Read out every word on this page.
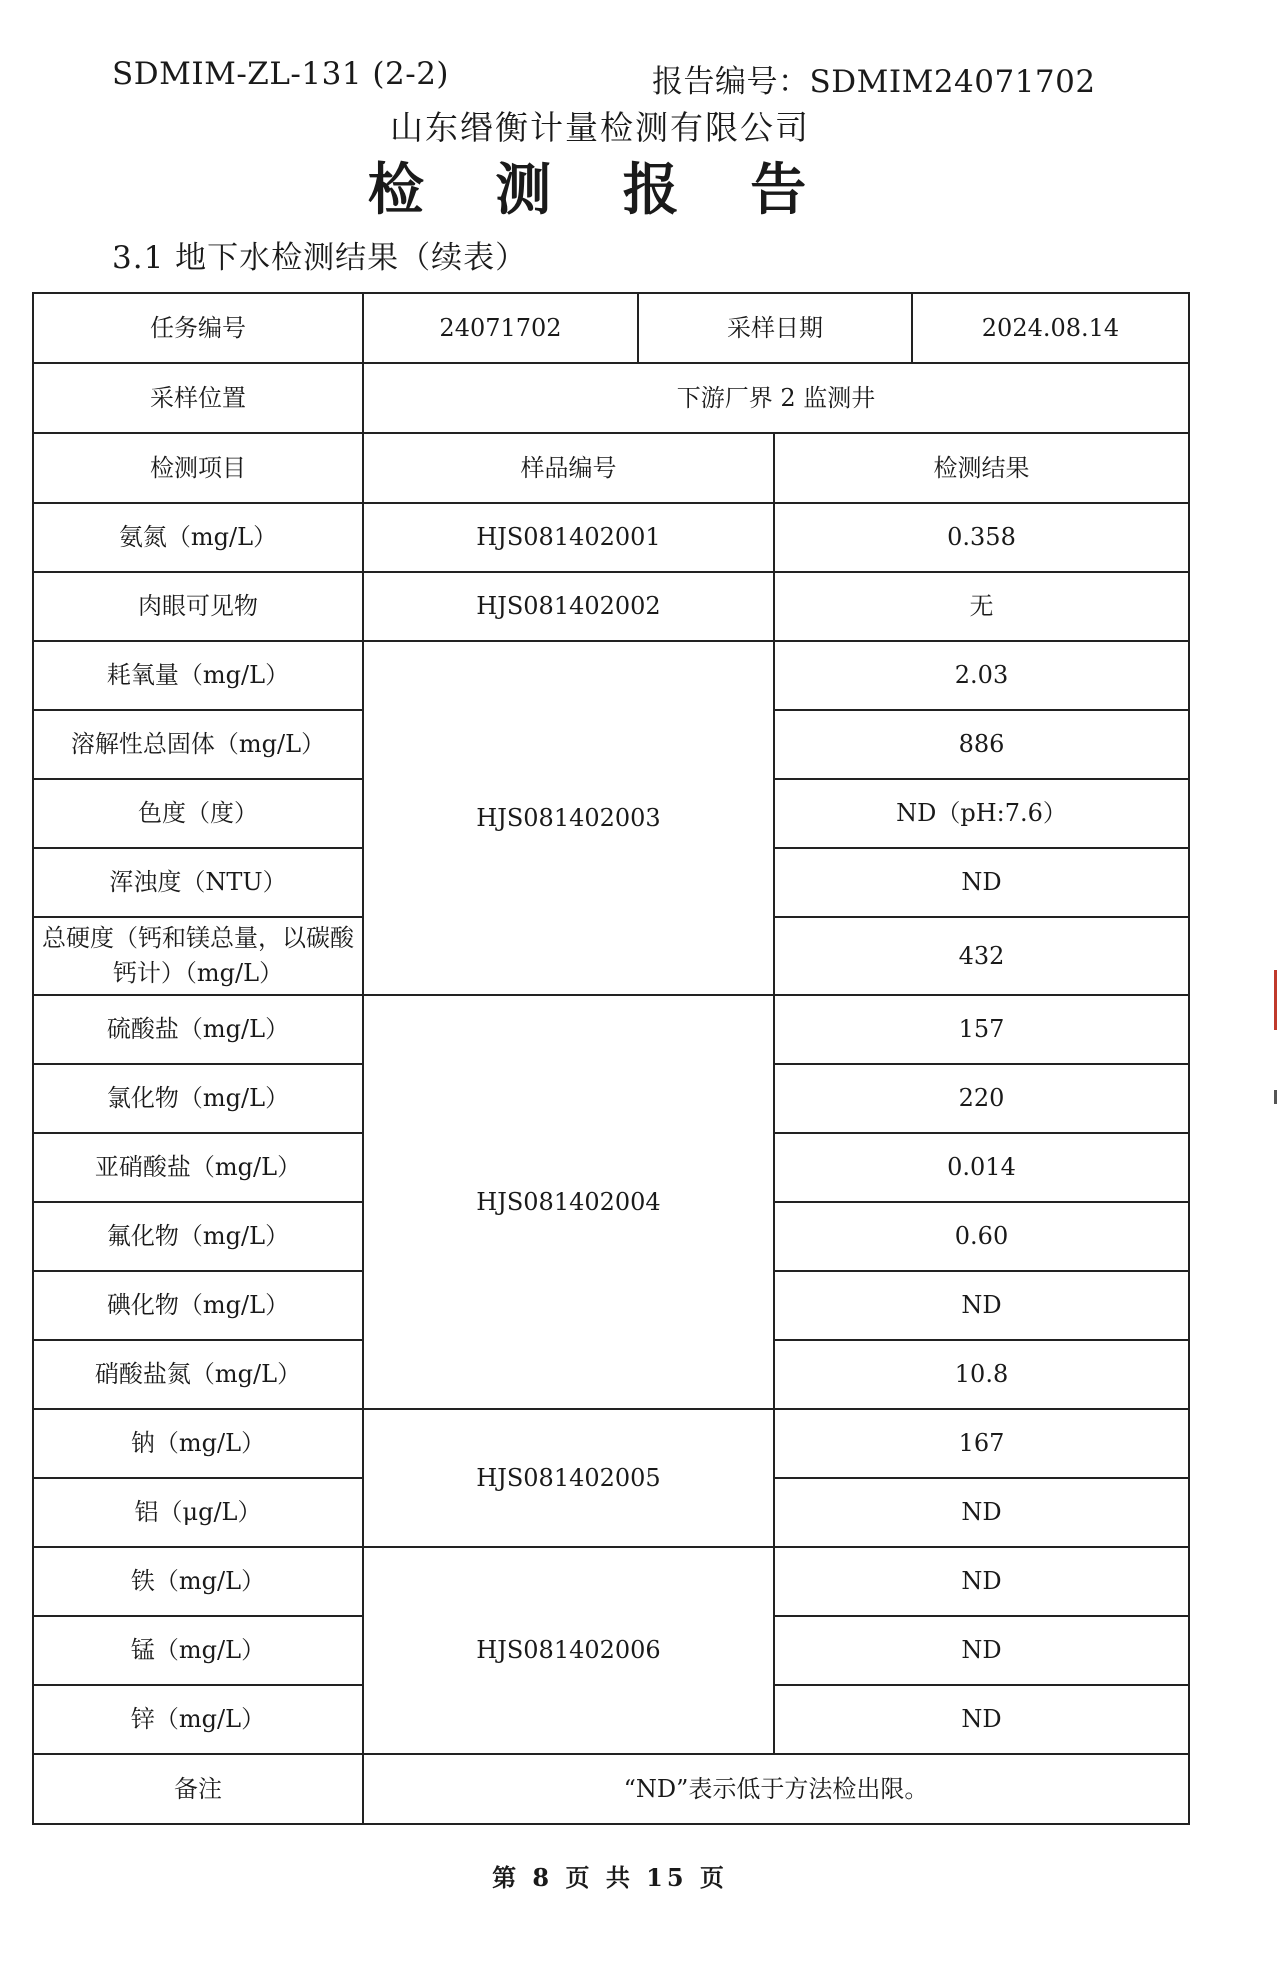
SDMIM-ZL-131 (2-2)	报告编号：SDMIM24071702
山东缗衡计量检测有限公司
检 测 报 告
3.1 地下水检测结果（续表）
任务编号	24071702	采样日期		2024.08.14
采样位置	下游厂界 2 监测井			
检测项目	样品编号		检测结果	
氨氮（mg/L）	HJS081402001		0.358	
肉眼可见物	HJS081402002		无	
耗氧量（mg/L）	HJS081402003		2.03	
溶解性总固体（mg/L）			886	
色度（度）			ND（pH:7.6）	
浑浊度（NTU）			ND	
总硬度（钙和镁总量，以碳酸钙计）（mg/L）			432	
硫酸盐（mg/L）	HJS081402004		157	
氯化物（mg/L）			220	
亚硝酸盐（mg/L）			0.014	
氟化物（mg/L）			0.60	
碘化物（mg/L）			ND	
硝酸盐氮（mg/L）			10.8	
钠（mg/L）	HJS081402005		167	
铝（μg/L）			ND	
铁（mg/L）	HJS081402006		ND	
锰（mg/L）			ND	
锌（mg/L）			ND	
备注	“ND”表示低于方法检出限。			
第 8 页 共 15 页
